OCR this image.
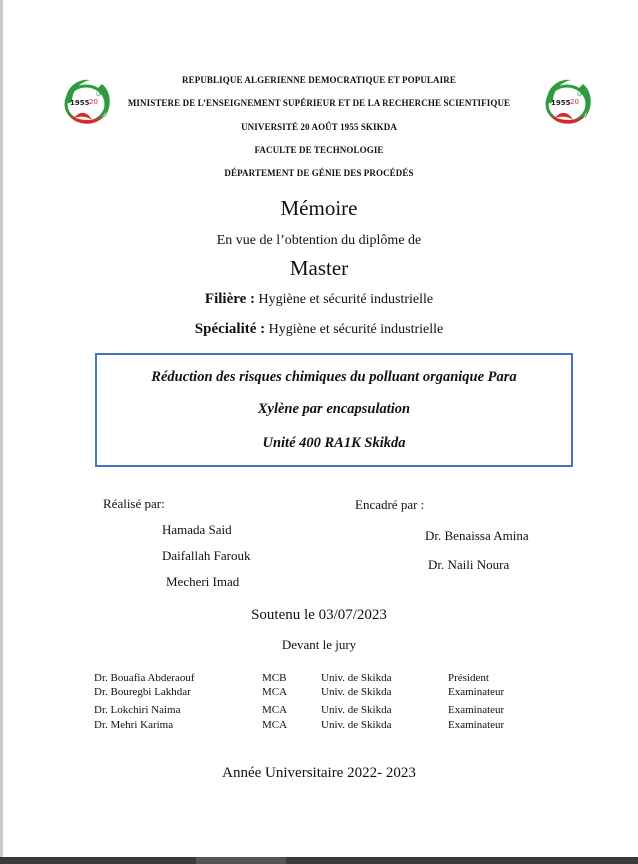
1955 20
جا
1955 20
جا
REPUBLIQUE ALGERIENNE DEMOCRATIQUE ET POPULAIRE
MINISTERE DE L’ENSEIGNEMENT SUPÉRIEUR ET DE LA RECHERCHE SCIENTIFIQUE
UNIVERSITÉ 20 AOÛT 1955 SKIKDA
FACULTE DE TECHNOLOGIE
DÉPARTEMENT DE GÉNIE DES PROCÉDÉS
Mémoire
En vue de l’obtention du diplôme de
Master
Filière : Hygiène et sécurité industrielle
Spécialité : Hygiène et sécurité industrielle
Réduction des risques chimiques du polluant organique Para
Xylène par encapsulation
Unité 400 RA1K Skikda
Réalisé par:
Hamada Said
Daifallah Farouk
Mecheri Imad
Encadré par :
Dr. Benaissa Amina
Dr. Naili Noura
Soutenu le 03/07/2023
Devant le jury
Dr. Bouafia Abderaouf	MCB	Univ. de Skikda	Président
Dr. Bouregbi Lakhdar	MCA	Univ. de Skikda	Examinateur
Dr. Lokchiri Naima	MCA	Univ. de Skikda	Examinateur
Dr. Mehri Karima	MCA	Univ. de Skikda	Examinateur
Année Universitaire 2022- 2023
